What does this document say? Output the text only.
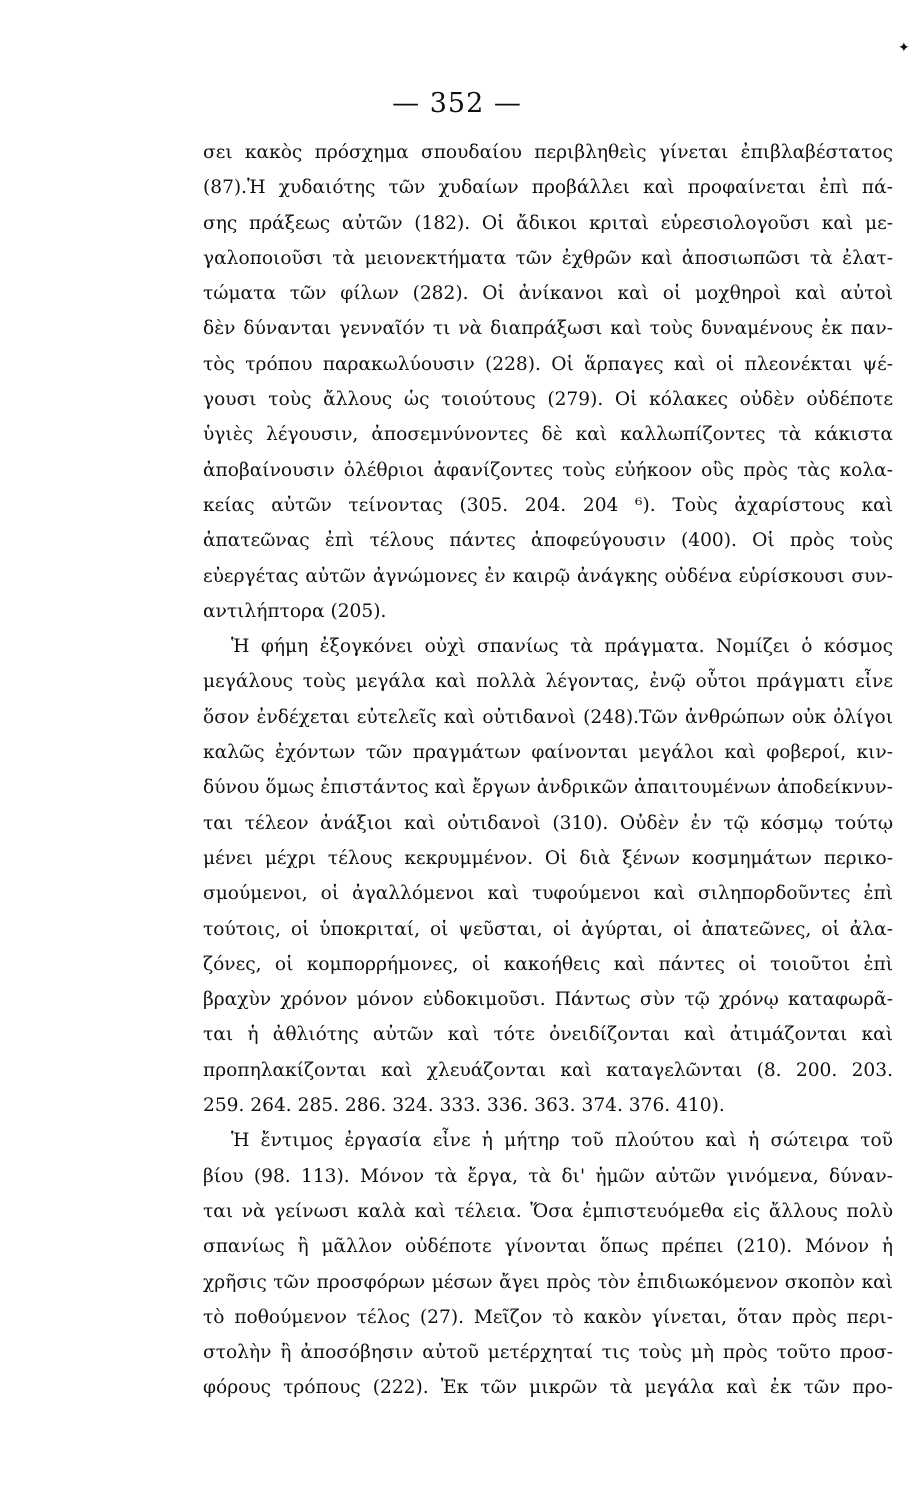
— 352 —
σει κακὸς πρόσχημα σπουδαίου περιβληθεὶς γίνεται ἐπιβλαβέστατος
(87).Ἡ χυδαιότης τῶν χυδαίων προβάλλει καὶ προφαίνεται ἐπὶ πά-
σης πράξεως αὐτῶν (182). Οἱ ἄδικοι κριταὶ εὑρεσιολογοῦσι καὶ με-
γαλοποιοῦσι τὰ μειονεκτήματα τῶν ἐχθρῶν καὶ ἀποσιωπῶσι τὰ ἐλατ-
τώματα τῶν φίλων (282). Οἱ ἀνίκανοι καὶ οἱ μοχθηροὶ καὶ αὐτοὶ
δὲν δύνανται γενναῖόν τι νὰ διαπράξωσι καὶ τοὺς δυναμένους ἐκ παν-
τὸς τρόπου παρακωλύουσιν (228). Οἱ ἅρπαγες καὶ οἱ πλεονέκται ψέ-
γουσι τοὺς ἄλλους ὡς τοιούτους (279). Οἱ κόλακες οὐδὲν οὐδέποτε
ὑγιὲς λέγουσιν, ἀποσεμνύνοντες δὲ καὶ καλλωπίζοντες τὰ κάκιστα
ἀποβαίνουσιν ὀλέθριοι ἀφανίζοντες τοὺς εὐήκοον οὓς πρὸς τὰς κολα-
κείας αὐτῶν τείνοντας (305. 204. 204 ⁶). Τοὺς ἀχαρίστους καὶ
ἀπατεῶνας ἐπὶ τέλους πάντες ἀποφεύγουσιν (400). Οἱ πρὸς τοὺς
εὐεργέτας αὐτῶν ἀγνώμονες ἐν καιρῷ ἀνάγκης οὐδένα εὑρίσκουσι συν-
αντιλήπτορα (205).
Ἡ φήμη ἐξογκόνει οὐχὶ σπανίως τὰ πράγματα. Νομίζει ὁ κόσμος
μεγάλους τοὺς μεγάλα καὶ πολλὰ λέγοντας, ἐνῷ οὗτοι πράγματι εἶνε
ὅσον ἐνδέχεται εὐτελεῖς καὶ οὐτιδανοὶ (248).Τῶν ἀνθρώπων οὐκ ὀλίγοι
καλῶς ἐχόντων τῶν πραγμάτων φαίνονται μεγάλοι καὶ φοβεροί, κιν-
δύνου ὅμως ἐπιστάντος καὶ ἔργων ἀνδρικῶν ἀπαιτουμένων ἀποδείκνυν-
ται τέλεον ἀνάξιοι καὶ οὐτιδανοὶ (310). Οὐδὲν ἐν τῷ κόσμῳ τούτῳ
μένει μέχρι τέλους κεκρυμμένον. Οἱ διὰ ξένων κοσμημάτων περικο-
σμούμενοι, οἱ ἀγαλλόμενοι καὶ τυφούμενοι καὶ σιληπορδοῦντες ἐπὶ
τούτοις, οἱ ὑποκριταί, οἱ ψεῦσται, οἱ ἀγύρται, οἱ ἀπατεῶνες, οἱ ἀλα-
ζόνες, οἱ κομπορρήμονες, οἱ κακοήθεις καὶ πάντες οἱ τοιοῦτοι ἐπὶ
βραχὺν χρόνον μόνον εὐδοκιμοῦσι. Πάντως σὺν τῷ χρόνῳ καταφωρᾶ-
ται ἡ ἀθλιότης αὐτῶν καὶ τότε ὀνειδίζονται καὶ ἀτιμάζονται καὶ
προπηλακίζονται καὶ χλευάζονται καὶ καταγελῶνται (8. 200. 203.
259. 264. 285. 286. 324. 333. 336. 363. 374. 376. 410).
Ἡ ἔντιμος ἐργασία εἶνε ἡ μήτηρ τοῦ πλούτου καὶ ἡ σώτειρα τοῦ
βίου (98. 113). Μόνον τὰ ἔργα, τὰ δι' ἡμῶν αὐτῶν γινόμενα, δύναν-
ται νὰ γείνωσι καλὰ καὶ τέλεια. Ὅσα ἐμπιστευόμεθα εἰς ἄλλους πολὺ
σπανίως ἢ μᾶλλον οὐδέποτε γίνονται ὅπως πρέπει (210). Μόνον ἡ
χρῆσις τῶν προσφόρων μέσων ἄγει πρὸς τὸν ἐπιδιωκόμενον σκοπὸν καὶ
τὸ ποθούμενον τέλος (27). Μεῖζον τὸ κακὸν γίνεται, ὅταν πρὸς περι-
στολὴν ἢ ἀποσόβησιν αὐτοῦ μετέρχηταί τις τοὺς μὴ πρὸς τοῦτο προσ-
φόρους τρόπους (222). Ἐκ τῶν μικρῶν τὰ μεγάλα καὶ ἐκ τῶν προ-
✦
